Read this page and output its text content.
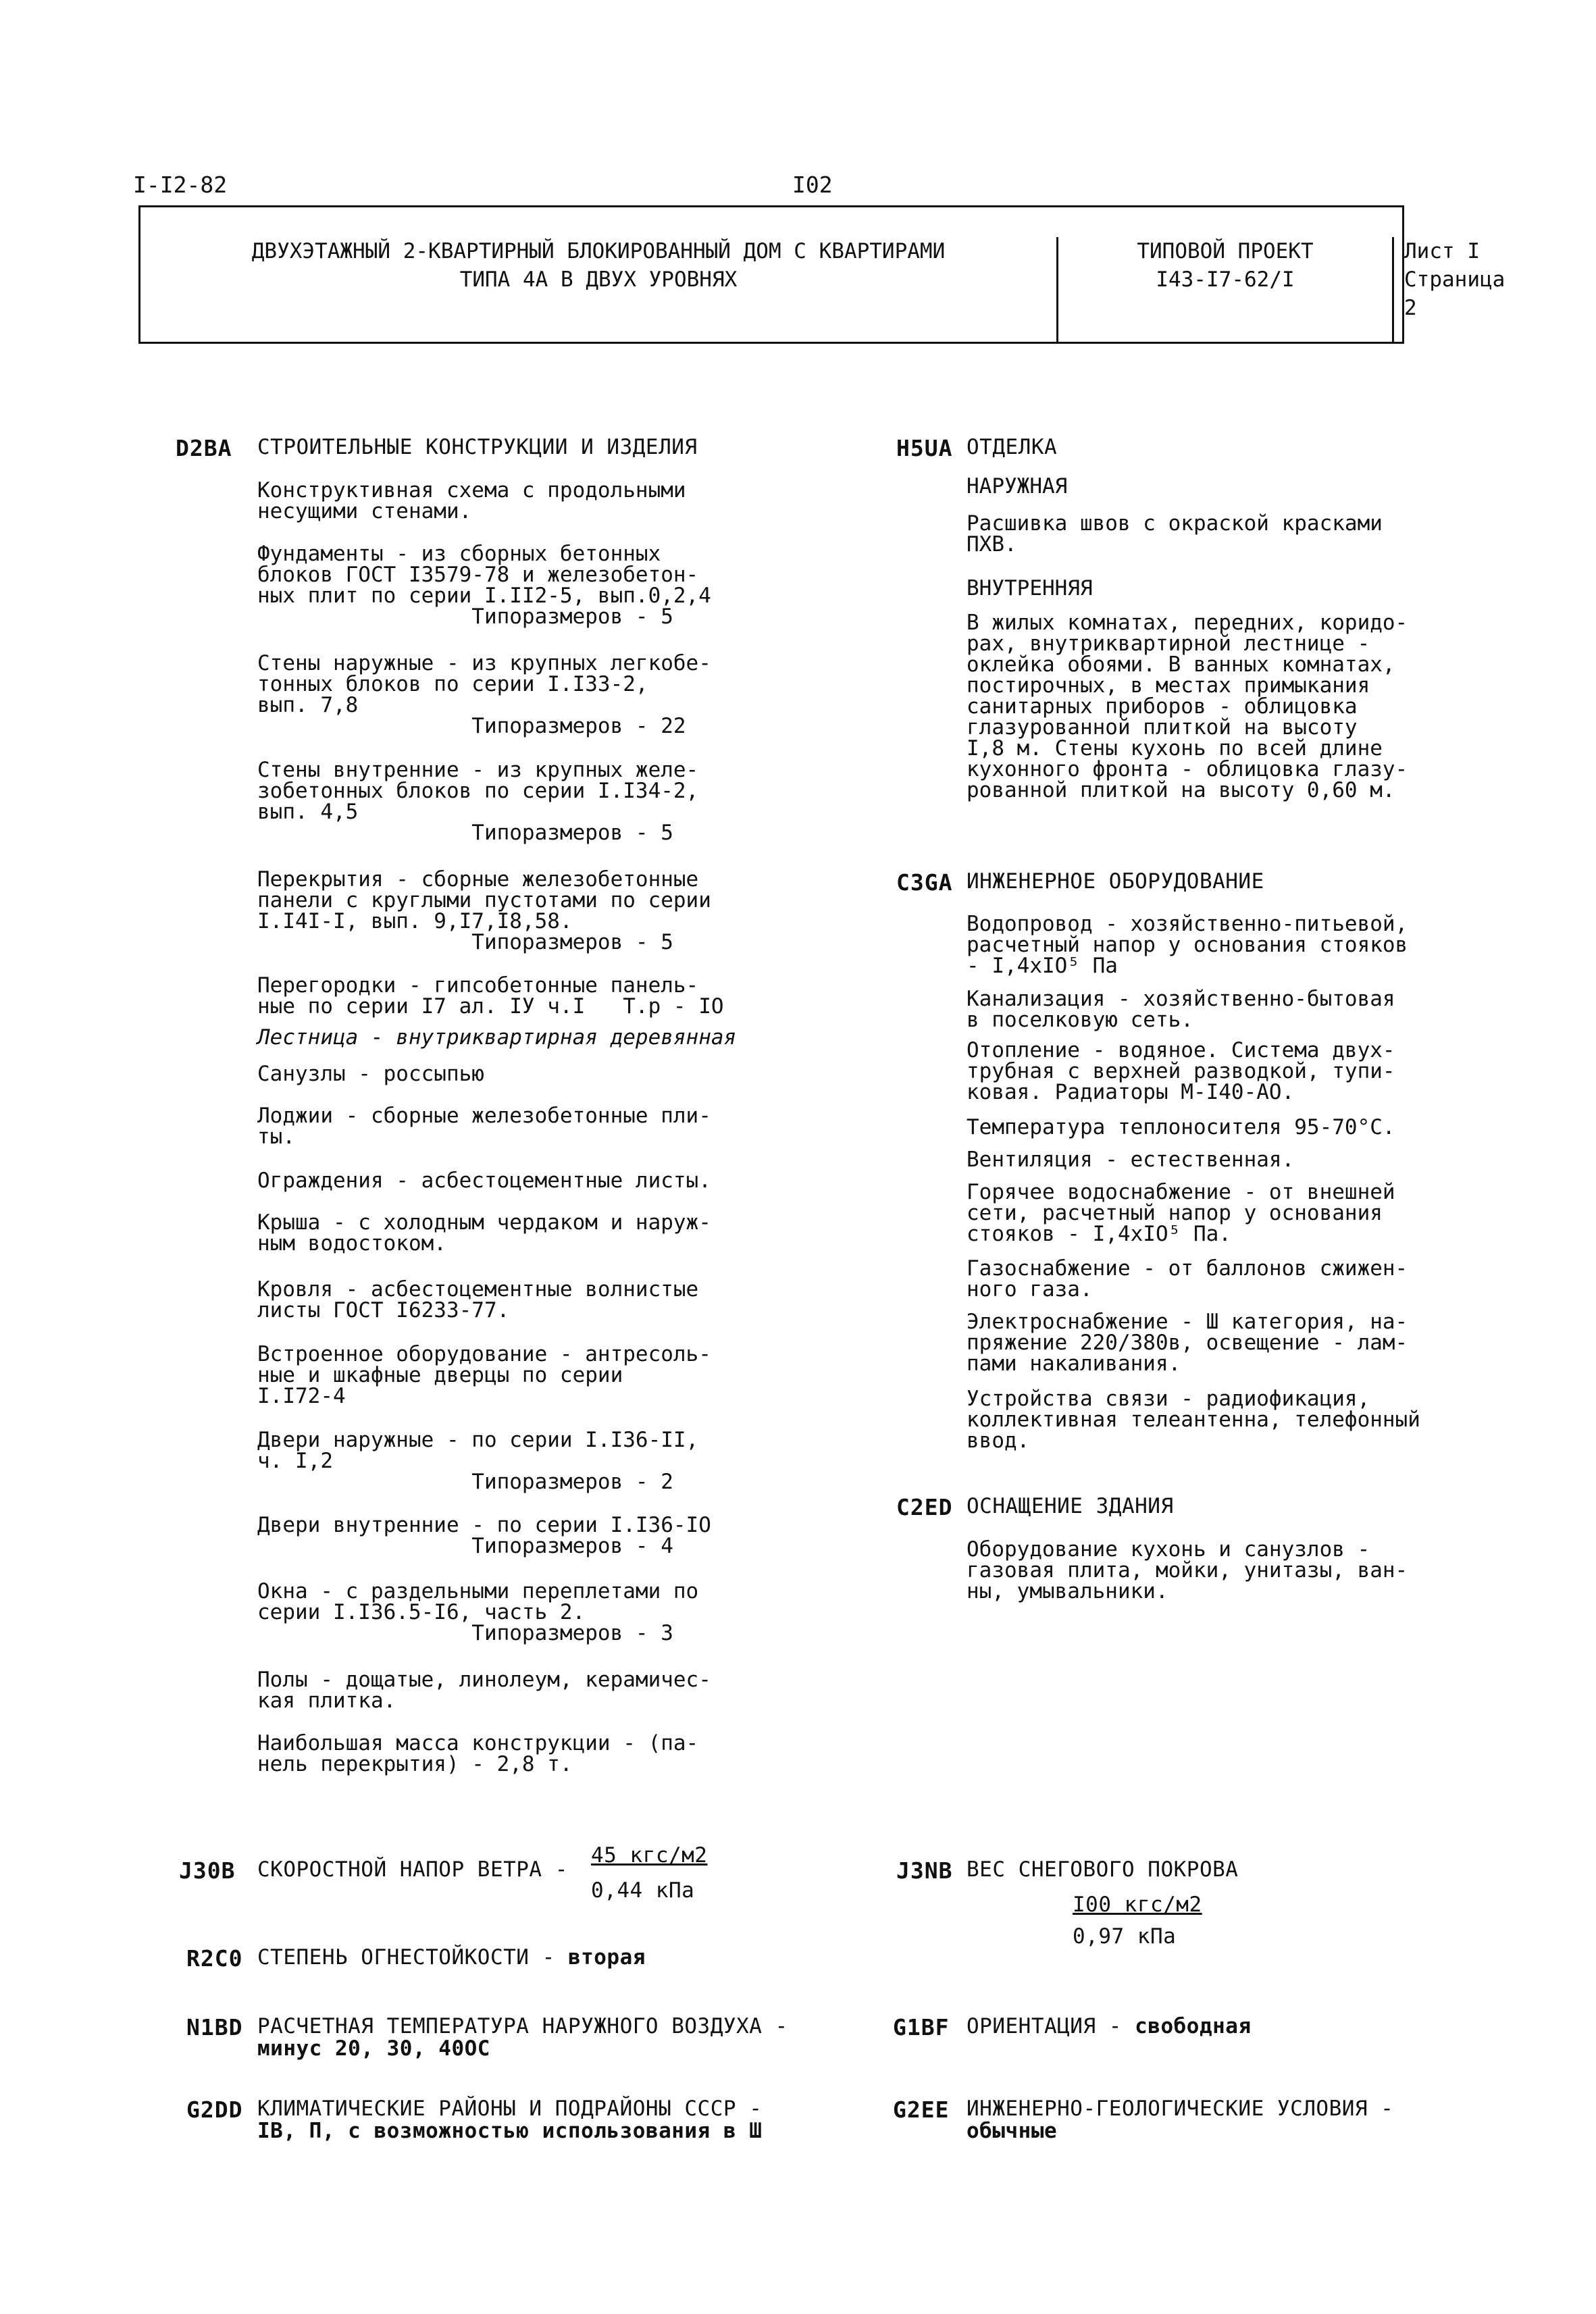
I-I2-82	I02
ДВУХЭТАЖНЫЙ 2-КВАРТИРНЫЙ БЛОКИРОВАННЫЙ ДОМ С КВАРТИРАМИ
ТИПА 4А В ДВУХ УРОВНЯХ
ТИПОВОЙ ПРОЕКТ
I43-I7-62/I
Лист I
Страница 2
D2BA СТРОИТЕЛЬНЫЕ КОНСТРУКЦИИ И ИЗДЕЛИЯ
Конструктивная схема с продольными
несущими стенами.
Фундаменты - из сборных бетонных
блоков ГОСТ I3579-78 и железобетон-
ных плит по серии I.II2-5, вып.0,2,4
Типоразмеров - 5
Стены наружные - из крупных легкобе-
тонных блоков по серии I.I33-2,
вып. 7,8
Типоразмеров - 22
Стены внутренние - из крупных желе-
зобетонных блоков по серии I.I34-2,
вып. 4,5
Типоразмеров - 5
Перекрытия - сборные железобетонные
панели с круглыми пустотами по серии
I.I4I-I, вып. 9,I7,I8,58.
Типоразмеров - 5
Перегородки - гипсобетонные панель-
ные по серии I7 ал. IУ ч.I   Т.р - IO
Лестница - внутриквартирная деревянная
Санузлы - россыпью
Лоджии - сборные железобетонные пли-
ты.
Ограждения - асбестоцементные листы.
Крыша - с холодным чердаком и наруж-
ным водостоком.
Кровля - асбестоцементные волнистые
листы ГОСТ I6233-77.
Встроенное оборудование - антресоль-
ные и шкафные дверцы по серии
I.I72-4
Двери наружные - по серии I.I36-II,
ч. I,2
Типоразмеров - 2
Двери внутренние - по серии I.I36-IO
Типоразмеров - 4
Окна - с раздельными переплетами по
серии I.I36.5-I6, часть 2.
Типоразмеров - 3
Полы - дощатые, линолеум, керамичес-
кая плитка.
Наибольшая масса конструкции - (па-
нель перекрытия) - 2,8 т.
H5UA ОТДЕЛКА
НАРУЖНАЯ
Расшивка швов с окраской красками
ПХВ.
ВНУТРЕННЯЯ
В жилых комнатах, передних, коридо-
рах, внутриквартирной лестнице -
оклейка обоями. В ванных комнатах,
постирочных, в местах примыкания
санитарных приборов - облицовка
глазурованной плиткой на высоту
I,8 м. Стены кухонь по всей длине
кухонного фронта - облицовка глазу-
рованной плиткой на высоту 0,60 м.
C3GA ИНЖЕНЕРНОЕ ОБОРУДОВАНИЕ
Водопровод - хозяйственно-питьевой,
расчетный напор у основания стояков
- I,4xIO⁵ Па
Канализация - хозяйственно-бытовая
в поселковую сеть.
Отопление - водяное. Система двух-
трубная с верхней разводкой, тупи-
ковая. Радиаторы М-I40-АО.
Температура теплоносителя 95-70°С.
Вентиляция - естественная.
Горячее водоснабжение - от внешней
сети, расчетный напор у основания
стояков - I,4xIO⁵ Па.
Газоснабжение - от баллонов сжижен-
ного газа.
Электроснабжение - Ш категория, на-
пряжение 220/380в, освещение - лам-
пами накаливания.
Устройства связи - радиофикация,
коллективная телеантенна, телефонный
ввод.
C2ED ОСНАЩЕНИЕ ЗДАНИЯ
Оборудование кухонь и санузлов -
газовая плита, мойки, унитазы, ван-
ны, умывальники.
J30B СКОРОСТНОЙ НАПОР ВЕТРА -
45 кгс/м2
0,44 кПа
J3NB ВЕС СНЕГОВОГО ПОКРОВА
I00 кгс/м2
0,97 кПа
R2C0 СТЕПЕНЬ ОГНЕСТОЙКОСТИ - вторая
N1BD РАСЧЕТНАЯ ТЕМПЕРАТУРА НАРУЖНОГО ВОЗДУХА -
минус 20, 30, 40ОС
G1BF ОРИЕНТАЦИЯ - свободная
G2DD КЛИМАТИЧЕСКИЕ РАЙОНЫ И ПОДРАЙОНЫ СССР -
IB, П, с возможностью использования в Ш
G2EE ИНЖЕНЕРНО-ГЕОЛОГИЧЕСКИЕ УСЛОВИЯ -
обычные
